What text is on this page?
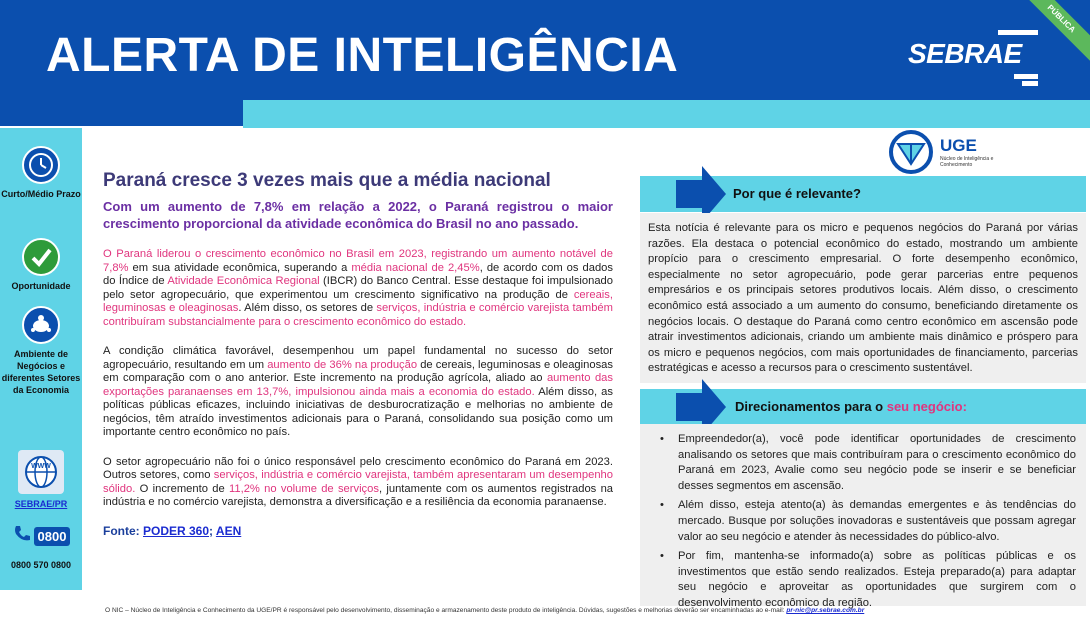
ALERTA DE INTELIGÊNCIA	SEBRAE
PÚBLICA
Curto/Médio Prazo
Oportunidade
Ambiente de Negócios e diferentes Setores da Economia
WWW
SEBRAE/PR
0800
0800 570 0800
Paraná cresce 3 vezes mais que a média nacional
Com um aumento de 7,8% em relação a 2022, o Paraná registrou o maior crescimento proporcional da atividade econômica do Brasil no ano passado.

O Paraná liderou o crescimento econômico no Brasil em 2023, registrando um aumento notável de 7,8% em sua atividade econômica, superando a média nacional de 2,45%, de acordo com os dados do Índice de Atividade Econômica Regional (IBCR) do Banco Central. Esse destaque foi impulsionado pelo setor agropecuário, que experimentou um crescimento significativo na produção de cereais, leguminosas e oleaginosas. Além disso, os setores de serviços, indústria e comércio varejista também contribuíram substancialmente para o crescimento econômico do estado.

A condição climática favorável, desempenhou um papel fundamental no sucesso do setor agropecuário, resultando em um aumento de 36% na produção de cereais, leguminosas e oleaginosas em comparação com o ano anterior. Este incremento na produção agrícola, aliado ao aumento das exportações paranaenses em 13,7%, impulsionou ainda mais a economia do estado. Além disso, as políticas públicas eficazes, incluindo iniciativas de desburocratização e melhorias no ambiente de negócios, têm atraído investimentos adicionais para o Paraná, consolidando sua posição como um importante centro econômico no país.

O setor agropecuário não foi o único responsável pelo crescimento econômico do Paraná em 2023. Outros setores, como serviços, indústria e comércio varejista, também apresentaram um desempenho sólido. O incremento de 11,2% no volume de serviços, juntamente com os aumentos registrados na indústria e no comércio varejista, demonstra a diversificação e a resiliência da economia paranaense.

Fonte: PODER 360; AEN
UGE
Núcleo de Inteligência e Conhecimento
Por que é relevante?
Esta notícia é relevante para os micro e pequenos negócios do Paraná por várias razões. Ela destaca o potencial econômico do estado, mostrando um ambiente propício para o crescimento empresarial. O forte desempenho econômico, especialmente no setor agropecuário, pode gerar parcerias entre pequenos empresários e os principais setores produtivos locais. Além disso, o crescimento econômico está associado a um aumento do consumo, beneficiando diretamente os negócios locais. O destaque do Paraná como centro econômico em ascensão pode atrair investimentos adicionais, criando um ambiente mais dinâmico e próspero para os micro e pequenos negócios, com mais oportunidades de financiamento, parcerias estratégicas e acesso a recursos para o crescimento sustentável.
Direcionamentos para o seu negócio:
• Empreendedor(a), você pode identificar oportunidades de crescimento analisando os setores que mais contribuíram para o crescimento econômico do Paraná em 2023, Avalie como seu negócio pode se inserir e se beneficiar desses segmentos em ascensão.
• Além disso, esteja atento(a) às demandas emergentes e às tendências do mercado. Busque por soluções inovadoras e sustentáveis que possam agregar valor ao seu negócio e atender às necessidades do público-alvo.
• Por fim, mantenha-se informado(a) sobre as políticas públicas e os investimentos que estão sendo realizados. Esteja preparado(a) para adaptar seu negócio e aproveitar as oportunidades que surgirem com o desenvolvimento econômico da região.
O NIC – Núcleo de Inteligência e Conhecimento da UGE/PR é responsável pelo desenvolvimento, disseminação e armazenamento deste produto de inteligência. Dúvidas, sugestões e melhorias deverão ser encaminhadas ao e-mail: pr-nic@pr.sebrae.com.br
